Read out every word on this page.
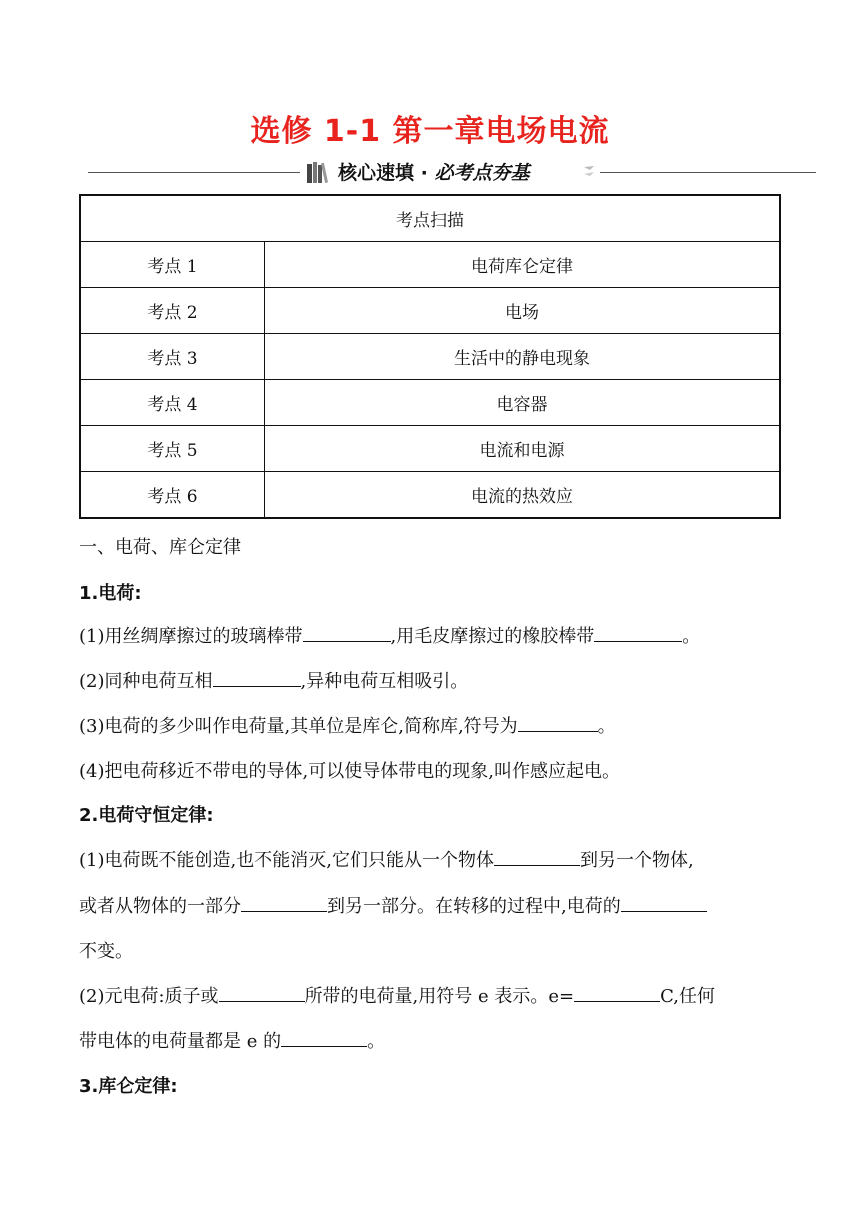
选修 1-1 第一章电场电流
核心速填 · 必考点夯基
考点扫描	
考点 1	电荷库仑定律
考点 2	电场
考点 3	生活中的静电现象
考点 4	电容器
考点 5	电流和电源
考点 6	电流的热效应
一、电荷、库仑定律
1.电荷:
(1)用丝绸摩擦过的玻璃棒带	,用毛皮摩擦过的橡胶棒带	。
(2)同种电荷互相	,异种电荷互相吸引。
(3)电荷的多少叫作电荷量,其单位是库仑,简称库,符号为	。
(4)把电荷移近不带电的导体,可以使导体带电的现象,叫作感应起电。
2.电荷守恒定律:
(1)电荷既不能创造,也不能消灭,它们只能从一个物体	到另一个物体,
或者从物体的一部分	到另一部分。在转移的过程中,电荷的
不变。
(2)元电荷:质子或	所带的电荷量,用符号 e 表示。e=	C,任何
带电体的电荷量都是 e 的	。
3.库仑定律:
